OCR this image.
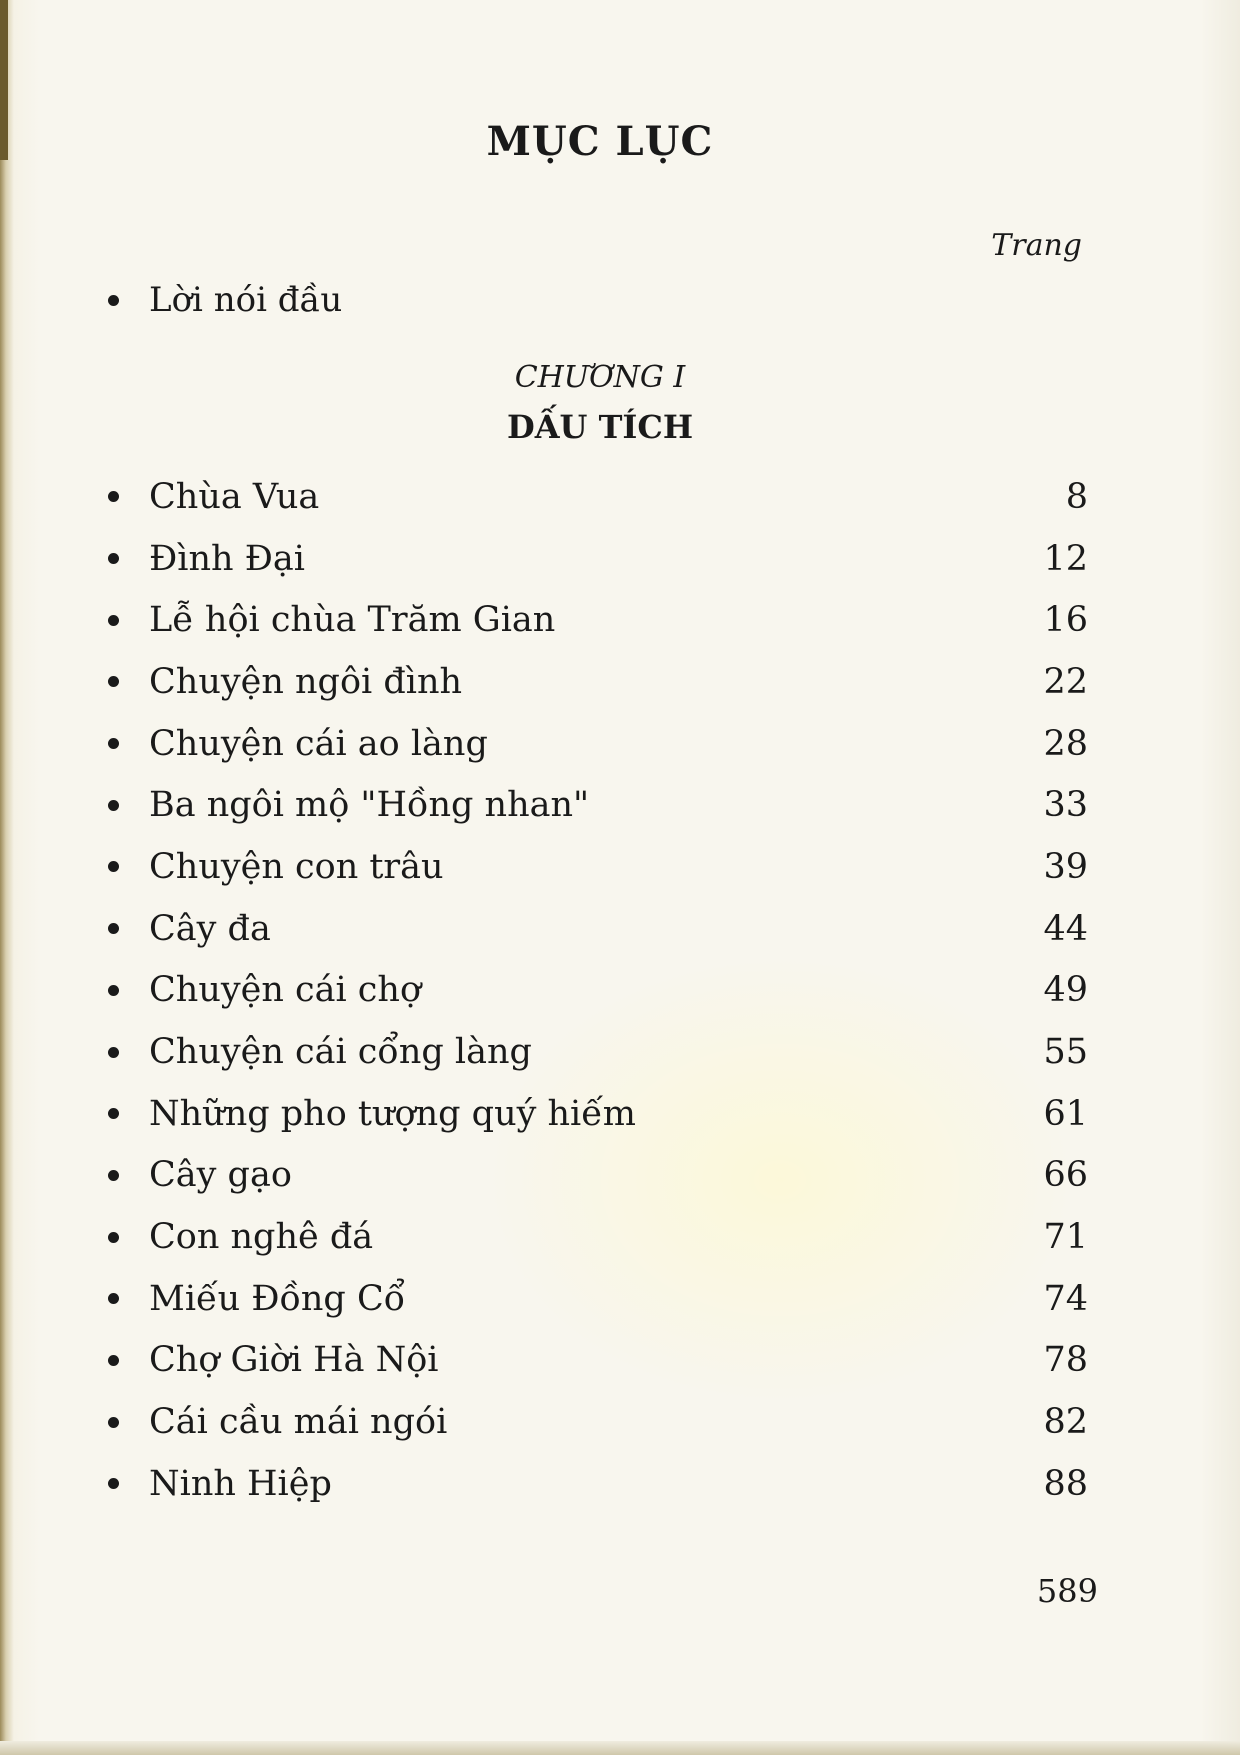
MỤC LỤC
Trang
Lời nói đầu
CHƯƠNG I
DẤU TÍCH
Chùa Vua	8
Đình Đại	12
Lễ hội chùa Trăm Gian	16
Chuyện ngôi đình	22
Chuyện cái ao làng	28
Ba ngôi mộ "Hồng nhan"	33
Chuyện con trâu	39
Cây đa	44
Chuyện cái chợ	49
Chuyện cái cổng làng	55
Những pho tượng quý hiếm	61
Cây gạo	66
Con nghê đá	71
Miếu Đồng Cổ	74
Chợ Giời Hà Nội	78
Cái cầu mái ngói	82
Ninh Hiệp	88
589
